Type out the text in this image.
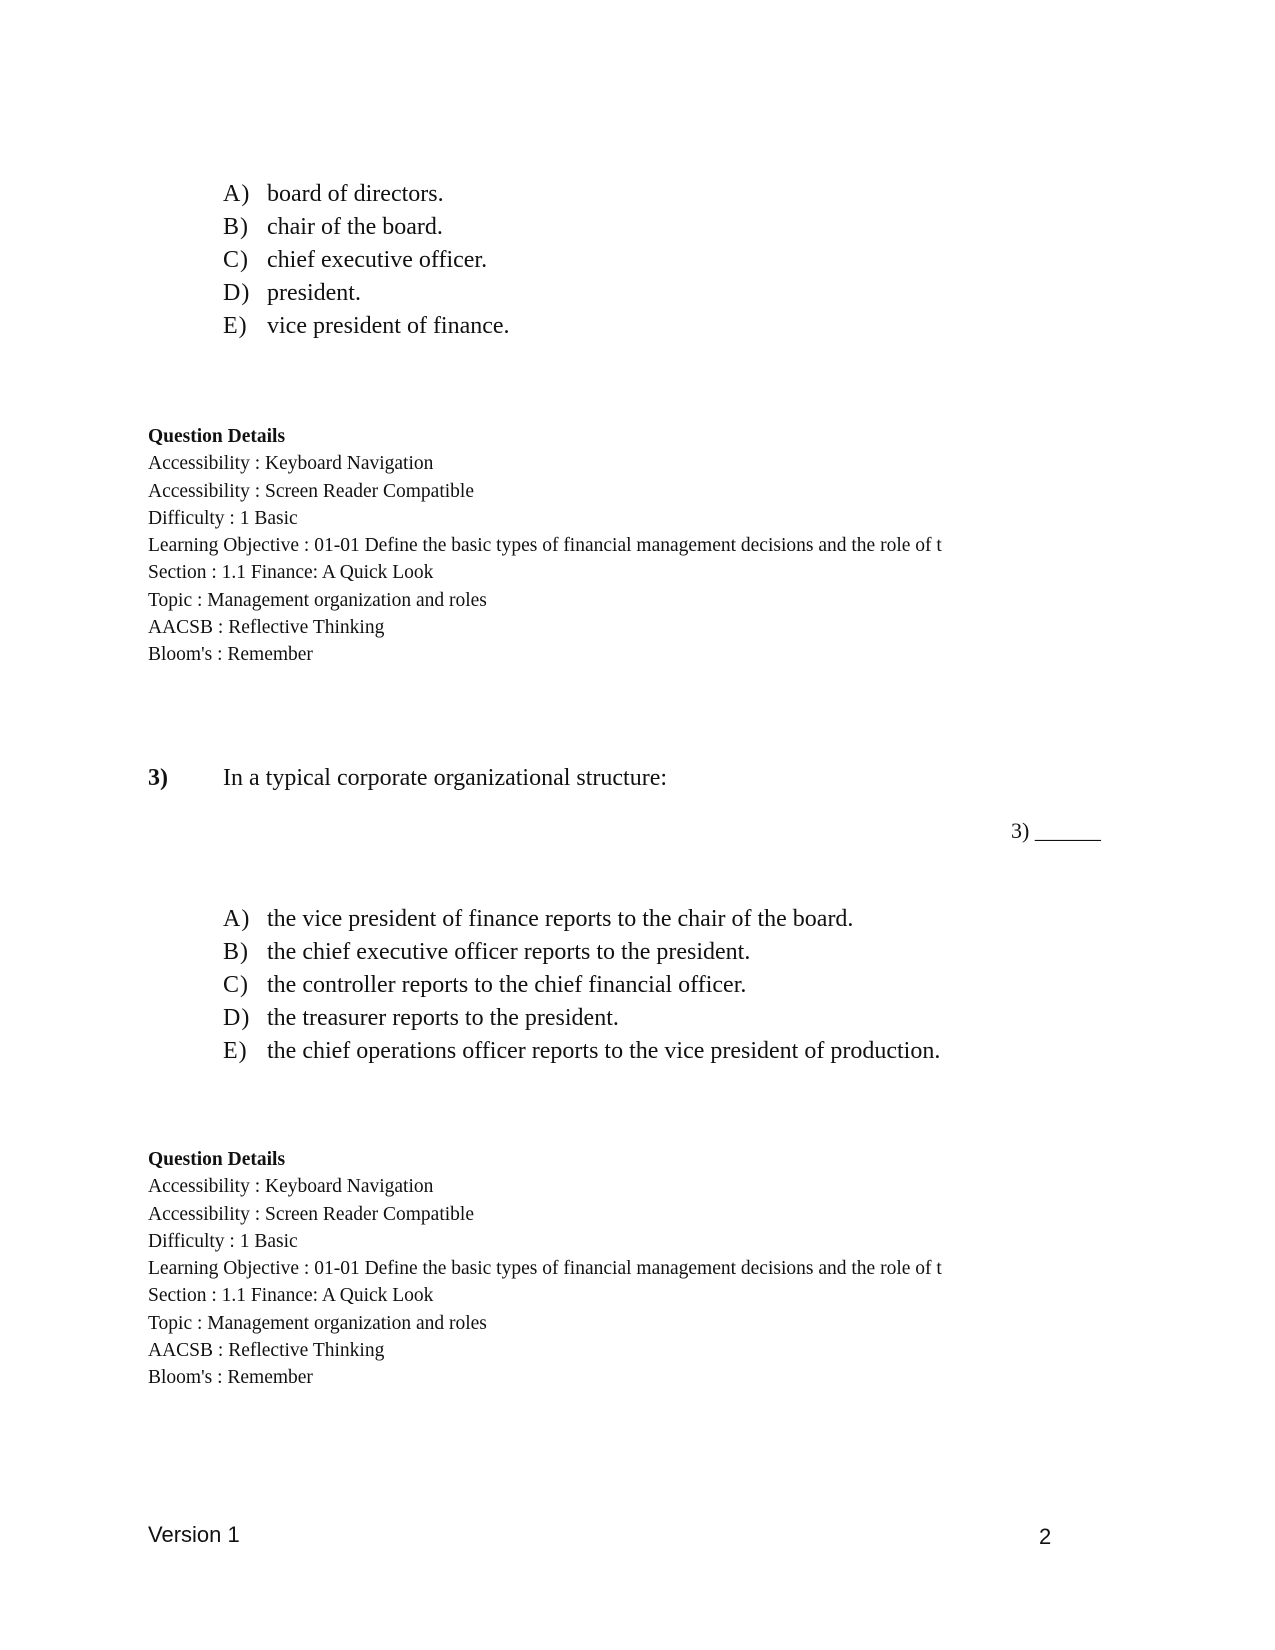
A) board of directors.
B) chair of the board.
C) chief executive officer.
D) president.
E) vice president of finance.
Question Details
Accessibility : Keyboard Navigation
Accessibility : Screen Reader Compatible
Difficulty : 1 Basic
Learning Objective : 01-01 Define the basic types of financial management decisions and the role of t
Section : 1.1 Finance: A Quick Look
Topic : Management organization and roles
AACSB : Reflective Thinking
Bloom's : Remember
3) In a typical corporate organizational structure:
3) ______
A) the vice president of finance reports to the chair of the board.
B) the chief executive officer reports to the president.
C) the controller reports to the chief financial officer.
D) the treasurer reports to the president.
E) the chief operations officer reports to the vice president of production.
Question Details
Accessibility : Keyboard Navigation
Accessibility : Screen Reader Compatible
Difficulty : 1 Basic
Learning Objective : 01-01 Define the basic types of financial management decisions and the role of t
Section : 1.1 Finance: A Quick Look
Topic : Management organization and roles
AACSB : Reflective Thinking
Bloom's : Remember
Version 1	2
